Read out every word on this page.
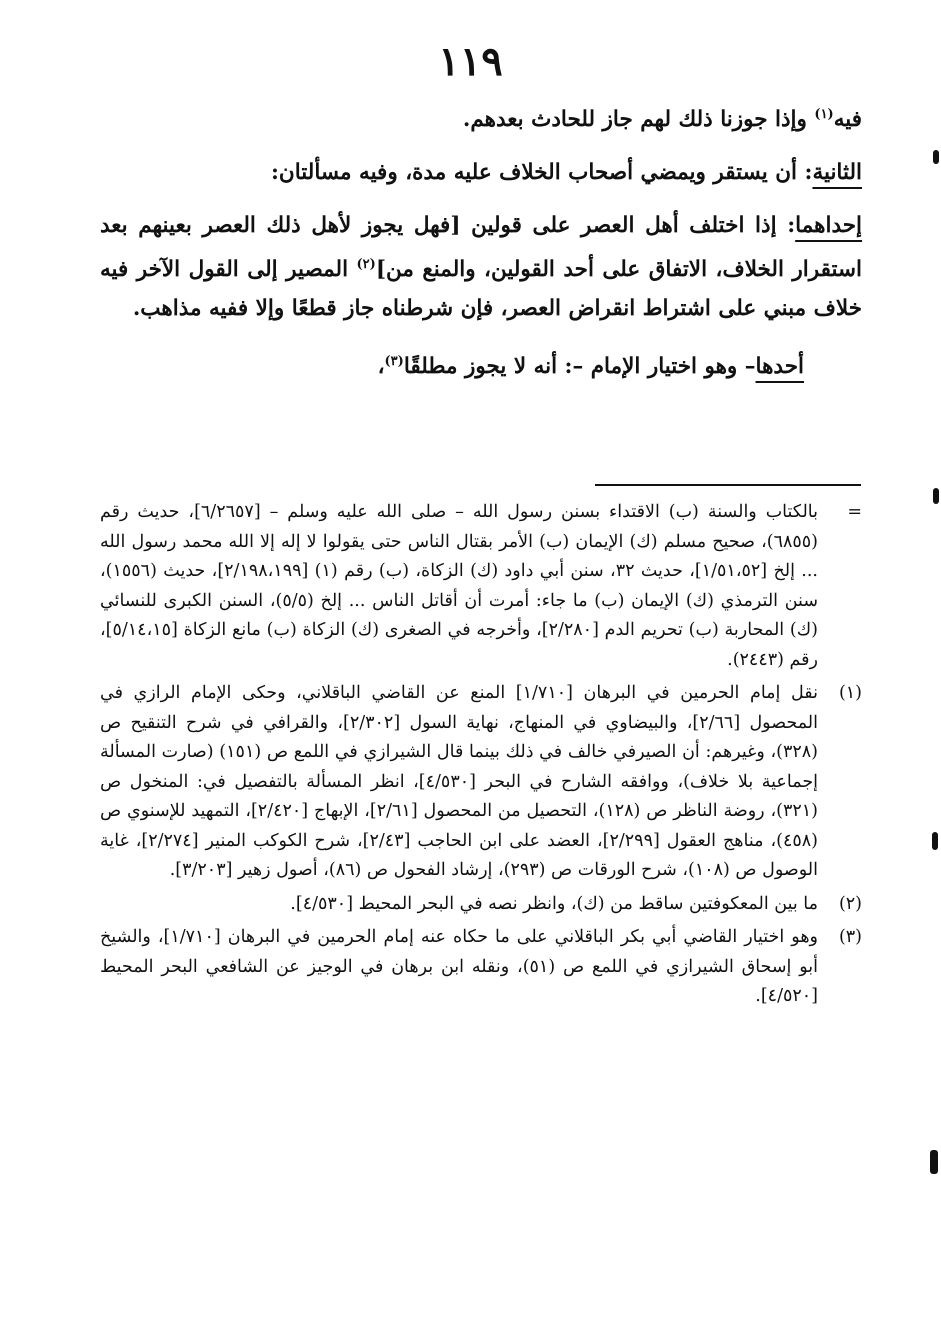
١١٩

فيه$^{(١)}$ وإذا جوزنا ذلك لهم جاز للحادث بعدهم.

الثانية: أن يستقر ويمضي أصحاب الخلاف عليه مدة، وفيه مسألتان:

إحداهما: إذا اختلف أهل العصر على قولين [فهل يجوز لأهل ذلك العصر بعينهم بعد استقرار الخلاف، الاتفاق على أحد القولين، والمنع من]$^{(٢)}$ المصير إلى القول الآخر فيه خلاف مبني على اشتراط انقراض العصر، فإن شرطناه جاز قطعًا وإلا ففيه مذاهب.

أحدها– وهو اختيار الإمام –: أنه لا يجوز مطلقًا$^{(٣)}$،

=
بالكتاب والسنة (ب) الاقتداء بسنن رسول الله – صلى الله عليه وسلم – [٦/٢٦٥٧]، حديث رقم (٦٨٥٥)، صحيح مسلم (ك) الإيمان (ب) الأمر بقتال الناس حتى يقولوا لا إله إلا الله محمد رسول الله ... إلخ [١/٥١،٥٢]، حديث ٣٢، سنن أبي داود (ك) الزكاة، (ب) رقم (١) [٢/١٩٨،١٩٩]، حديث (١٥٥٦)، سنن الترمذي (ك) الإيمان (ب) ما جاء: أمرت أن أقاتل الناس ... إلخ (٥/٥)، السنن الكبرى للنسائي (ك) المحاربة (ب) تحريم الدم [٢/٢٨٠]، وأخرجه في الصغرى (ك) الزكاة (ب) مانع الزكاة [٥/١٤،١٥]، رقم (٢٤٤٣).
(١)
نقل إمام الحرمين في البرهان [١/٧١٠] المنع عن القاضي الباقلاني، وحكى الإمام الرازي في المحصول [٢/٦٦]، والبيضاوي في المنهاج، نهاية السول [٢/٣٠٢]، والقرافي في شرح التنقيح ص (٣٢٨)، وغيرهم: أن الصيرفي خالف في ذلك بينما قال الشيرازي في اللمع ص (١٥١) (صارت المسألة إجماعية بلا خلاف)، ووافقه الشارح في البحر [٤/٥٣٠]، انظر المسألة بالتفصيل في: المنخول ص (٣٢١)، روضة الناظر ص (١٢٨)، التحصيل من المحصول [٢/٦١]، الإبهاج [٢/٤٢٠]، التمهيد للإسنوي ص (٤٥٨)، مناهج العقول [٢/٢٩٩]، العضد على ابن الحاجب [٢/٤٣]، شرح الكوكب المنير [٢/٢٧٤]، غاية الوصول ص (١٠٨)، شرح الورقات ص (٢٩٣)، إرشاد الفحول ص (٨٦)، أصول زهير [٣/٢٠٣].
(٢)
ما بين المعكوفتين ساقط من (ك)، وانظر نصه في البحر المحيط [٤/٥٣٠].
(٣)
وهو اختيار القاضي أبي بكر الباقلاني على ما حكاه عنه إمام الحرمين في البرهان [١/٧١٠]، والشيخ أبو إسحاق الشيرازي في اللمع ص (٥١)، ونقله ابن برهان في الوجيز عن الشافعي البحر المحيط [٤/٥٢٠].
